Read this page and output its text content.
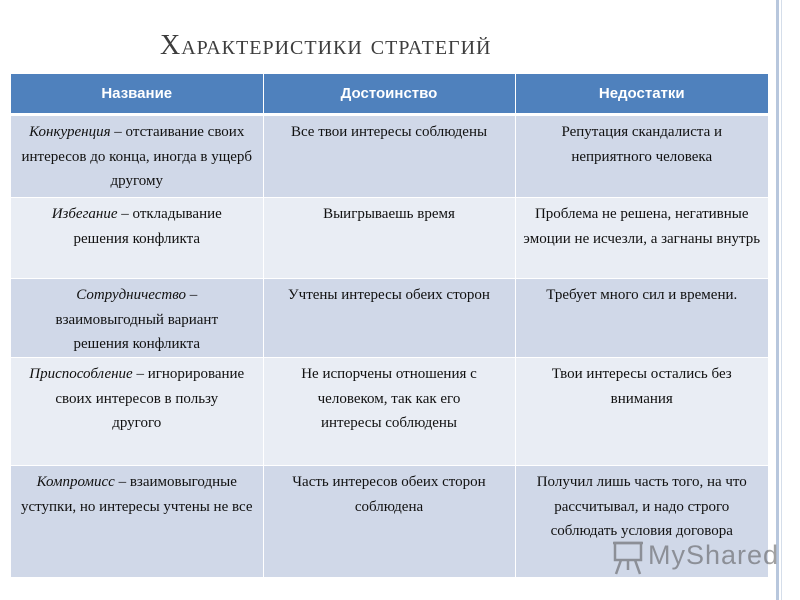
Характеристики стратегий
Название	Достоинство	Недостатки
Конкуренция – отстаивание своих интересов до конца, иногда в ущерб другому	Все твои интересы соблюдены	Репутация скандалиста и неприятного человека
Избегание – откладывание решения конфликта	Выигрываешь время	Проблема не решена, негативные эмоции не исчезли, а загнаны внутрь
Сотрудничество – взаимовыгодный вариант решения конфликта	Учтены интересы обеих сторон	Требует много сил и времени.
Приспособление – игнорирование своих интересов в пользу другого	Не испорчены отношения с человеком, так как его интересы соблюдены	Твои интересы остались без внимания
Компромисс – взаимовыгодные уступки, но интересы учтены не все	Часть интересов обеих сторон соблюдена	Получил лишь часть того, на что рассчитывал, и надо строго соблюдать условия договора
MyShared
